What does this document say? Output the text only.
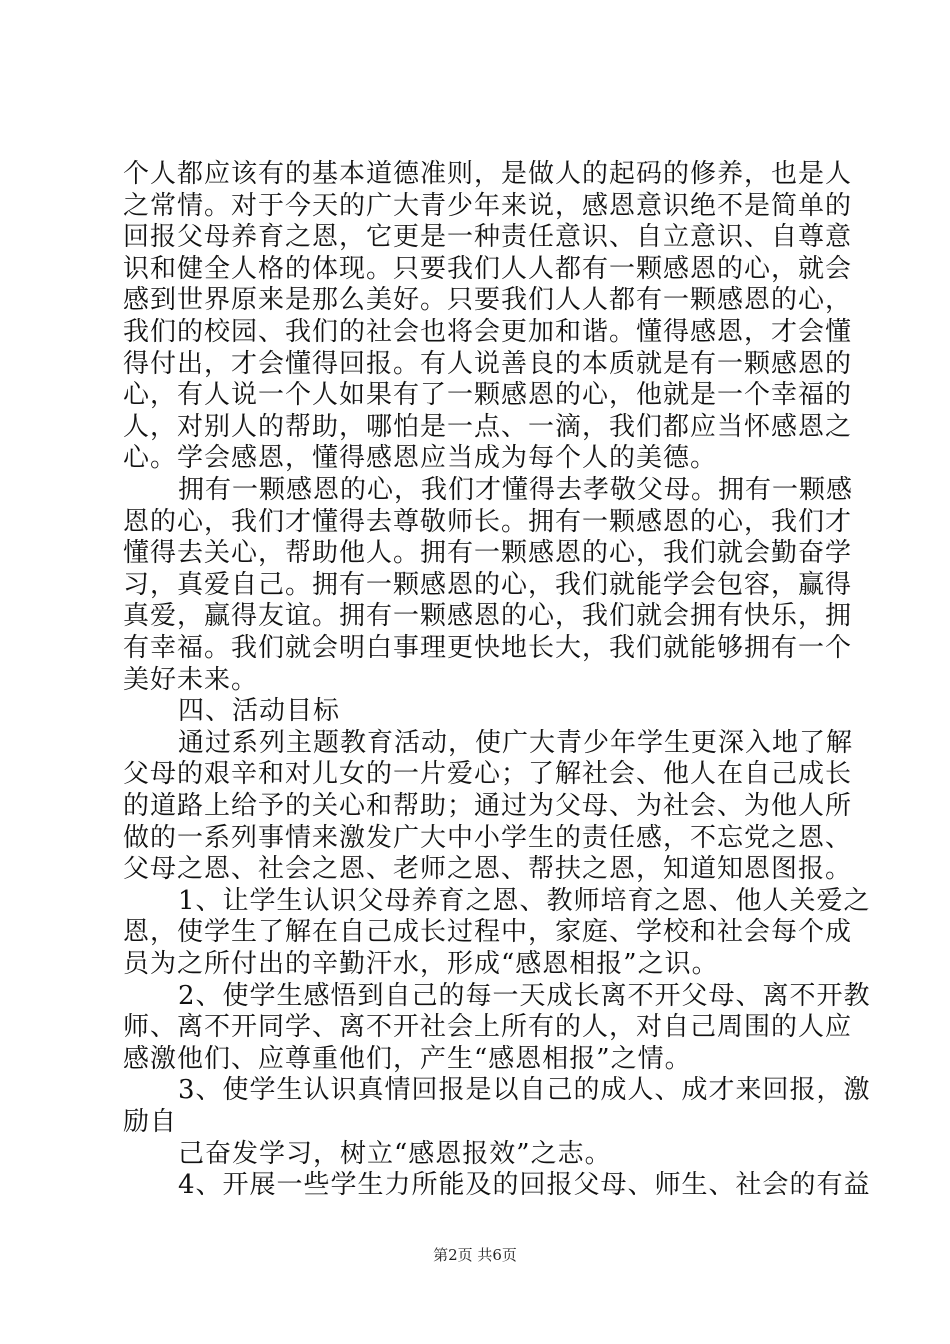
个人都应该有的基本道德准则，是做人的起码的修养，也是人
之常情。对于今天的广大青少年来说，感恩意识绝不是简单的
回报父母养育之恩，它更是一种责任意识、自立意识、自尊意
识和健全人格的体现。只要我们人人都有一颗感恩的心，就会
感到世界原来是那么美好。只要我们人人都有一颗感恩的心，
我们的校园、我们的社会也将会更加和谐。懂得感恩，才会懂
得付出，才会懂得回报。有人说善良的本质就是有一颗感恩的
心，有人说一个人如果有了一颗感恩的心，他就是一个幸福的
人，对别人的帮助，哪怕是一点、一滴，我们都应当怀感恩之
心。学会感恩，懂得感恩应当成为每个人的美德。
拥有一颗感恩的心，我们才懂得去孝敬父母。拥有一颗感
恩的心，我们才懂得去尊敬师长。拥有一颗感恩的心，我们才
懂得去关心，帮助他人。拥有一颗感恩的心，我们就会勤奋学
习，真爱自己。拥有一颗感恩的心，我们就能学会包容，赢得
真爱，赢得友谊。拥有一颗感恩的心，我们就会拥有快乐，拥
有幸福。我们就会明白事理更快地长大，我们就能够拥有一个
美好未来。
四、活动目标
通过系列主题教育活动，使广大青少年学生更深入地了解
父母的艰辛和对儿女的一片爱心；了解社会、他人在自己成长
的道路上给予的关心和帮助；通过为父母、为社会、为他人所
做的一系列事情来激发广大中小学生的责任感，不忘党之恩、
父母之恩、社会之恩、老师之恩、帮扶之恩，知道知恩图报。
1、让学生认识父母养育之恩、教师培育之恩、他人关爱之
恩，使学生了解在自己成长过程中，家庭、学校和社会每个成
员为之所付出的辛勤汗水，形成“感恩相报”之识。
2、使学生感悟到自己的每一天成长离不开父母、离不开教
师、离不开同学、离不开社会上所有的人，对自己周围的人应
感激他们、应尊重他们，产生“感恩相报”之情。
3、使学生认识真情回报是以自己的成人、成才来回报，激
励自
己奋发学习，树立“感恩报效”之志。
4、开展一些学生力所能及的回报父母、师生、社会的有益
第2页 共6页
